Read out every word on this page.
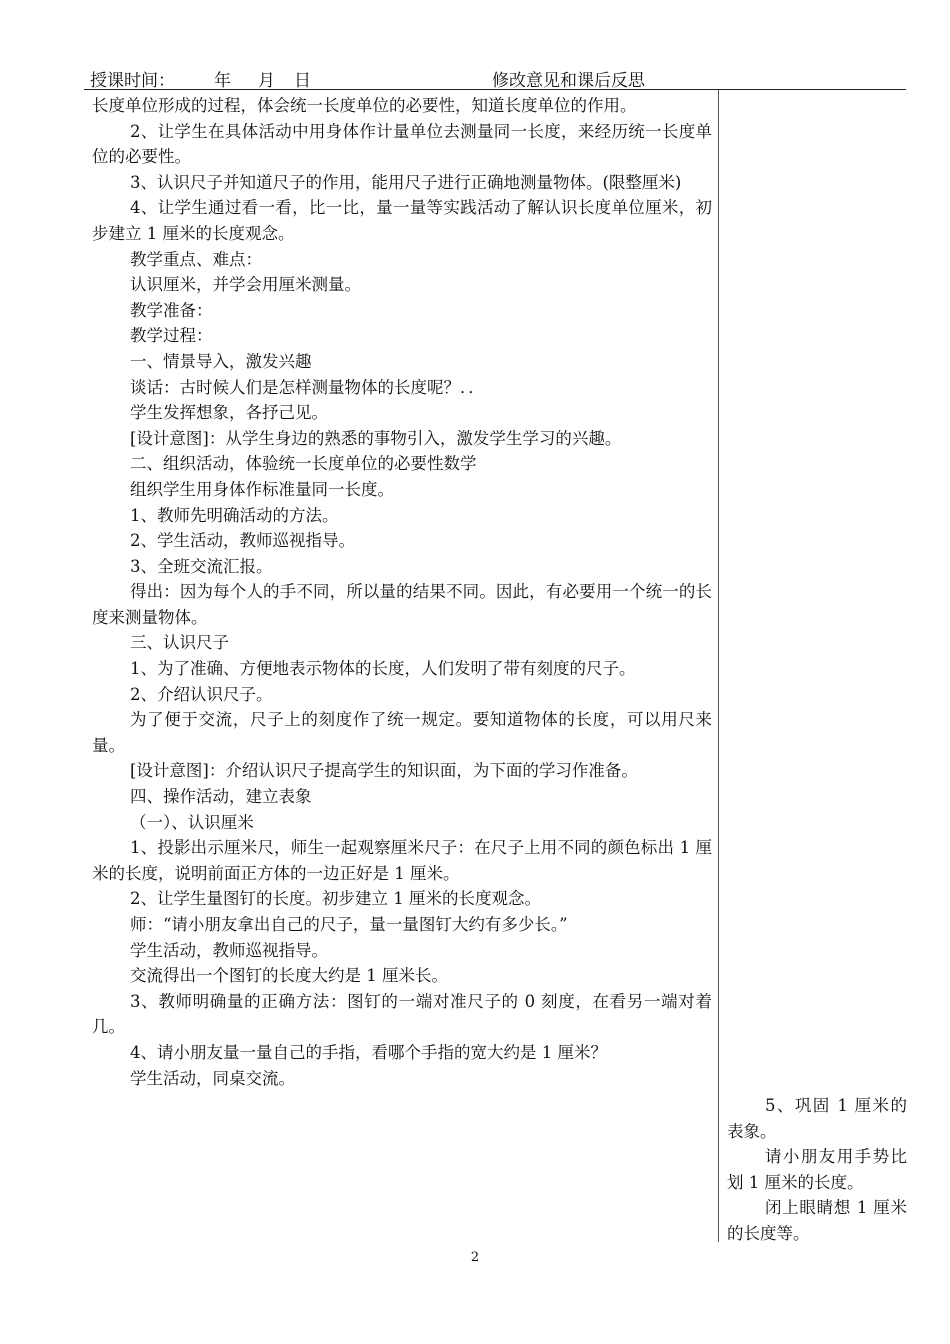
授课时间： 年 月 日	修改意见和课后反思

长度单位形成的过程，体会统一长度单位的必要性，知道长度单位的作用。

2、让学生在具体活动中用身体作计量单位去测量同一长度，来经历统一长度单位的必要性。

3、认识尺子并知道尺子的作用，能用尺子进行正确地测量物体。(限整厘米)

4、让学生通过看一看，比一比，量一量等实践活动了解认识长度单位厘米，初步建立 1 厘米的长度观念。

教学重点、难点：

认识厘米，并学会用厘米测量。

教学准备：

教学过程：

一、情景导入，激发兴趣

谈话：古时候人们是怎样测量物体的长度呢？．．

学生发挥想象，各抒己见。

[设计意图]：从学生身边的熟悉的事物引入，激发学生学习的兴趣。

二、组织活动，体验统一长度单位的必要性数学

组织学生用身体作标准量同一长度。

1、教师先明确活动的方法。

2、学生活动，教师巡视指导。

3、全班交流汇报。

得出：因为每个人的手不同，所以量的结果不同。因此，有必要用一个统一的长度来测量物体。

三、认识尺子

1、为了准确、方便地表示物体的长度，人们发明了带有刻度的尺子。

2、介绍认识尺子。

为了便于交流，尺子上的刻度作了统一规定。要知道物体的长度，可以用尺来量。

[设计意图]：介绍认识尺子提高学生的知识面，为下面的学习作准备。

四、操作活动，建立表象

（一）、认识厘米

1、投影出示厘米尺，师生一起观察厘米尺子：在尺子上用不同的颜色标出 1 厘米的长度，说明前面正方体的一边正好是 1 厘米。

2、让学生量图钉的长度。初步建立 1 厘米的长度观念。

师：“请小朋友拿出自己的尺子，量一量图钉大约有多少长。”

学生活动，教师巡视指导。

交流得出一个图钉的长度大约是 1 厘米长。

3、教师明确量的正确方法：图钉的一端对准尺子的 0 刻度，在看另一端对着几。

4、请小朋友量一量自己的手指，看哪个手指的宽大约是 1 厘米？

学生活动，同桌交流。

5、巩固 1 厘米的表象。

请小朋友用手势比划 1 厘米的长度。

闭上眼睛想 1 厘米的长度等。

2
